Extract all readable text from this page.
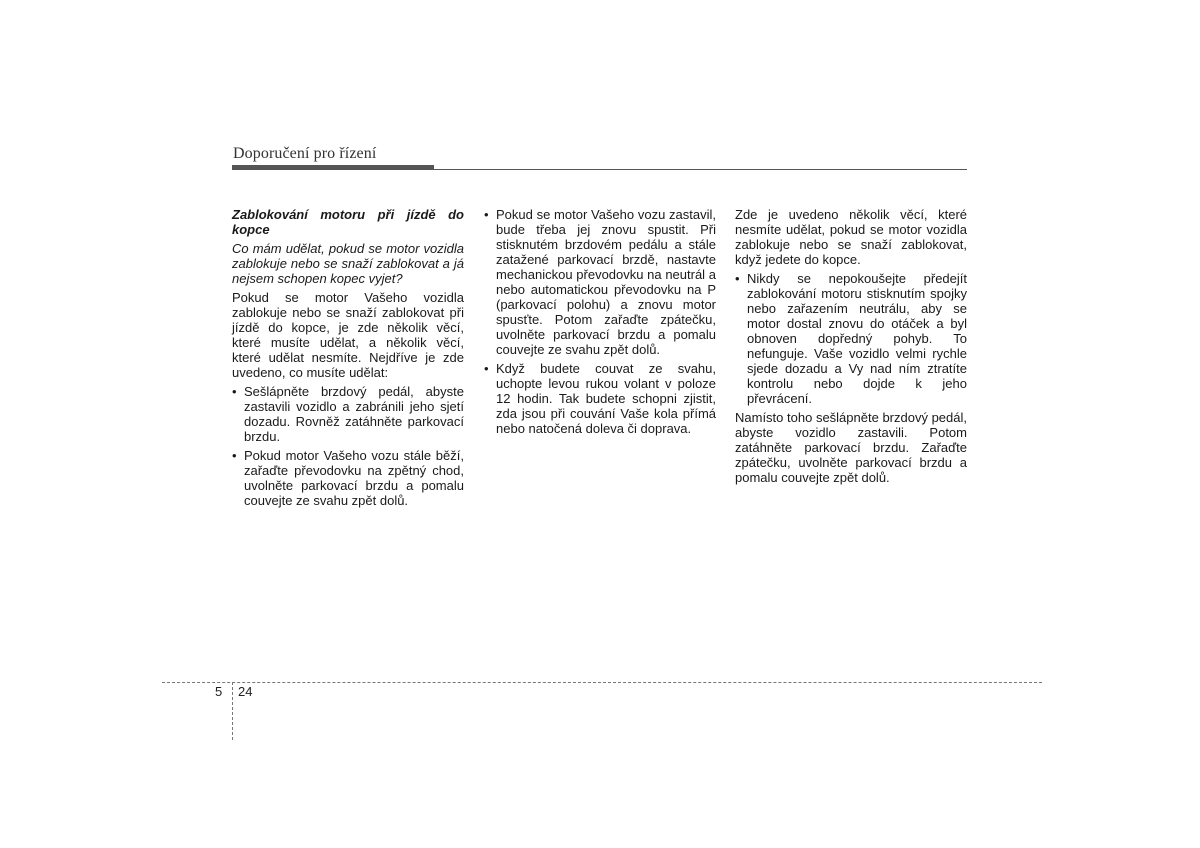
Doporučení pro řízení

Zablokování motoru při jízdě do kopce

Co mám udělat, pokud se motor vozidla zablokuje nebo se snaží zablokovat a já nejsem schopen kopec vyjet?

Pokud se motor Vašeho vozidla zablokuje nebo se snaží zablokovat při jízdě do kopce, je zde několik věcí, které musíte udělat, a několik věcí, které udělat nesmíte. Nejdříve je zde uvedeno, co musíte udělat:

• Sešlápněte brzdový pedál, abyste zastavili vozidlo a zabránili jeho sjetí dozadu. Rovněž zatáhněte parkovací brzdu.
• Pokud motor Vašeho vozu stále běží, zařaďte převodovku na zpětný chod, uvolněte parkovací brzdu a pomalu couvejte ze svahu zpět dolů.
• Pokud se motor Vašeho vozu zastavil, bude třeba jej znovu spustit. Při stisknutém brzdovém pedálu a stále zatažené parkovací brzdě, nastavte mechanickou převodovku na neutrál a nebo automatickou převodovku na P (parkovací polohu) a znovu motor spusťte. Potom zařaďte zpátečku, uvolněte parkovací brzdu a pomalu couvejte ze svahu zpět dolů.
• Když budete couvat ze svahu, uchopte levou rukou volant v poloze 12 hodin. Tak budete schopni zjistit, zda jsou při couvání Vaše kola přímá nebo natočená doleva či doprava.

Zde je uvedeno několik věcí, které nesmíte udělat, pokud se motor vozidla zablokuje nebo se snaží zablokovat, když jedete do kopce.

• Nikdy se nepokoušejte předejít zablokování motoru stisknutím spojky nebo zařazením neutrálu, aby se motor dostal znovu do otáček a byl obnoven dopředný pohyb. To nefunguje. Vaše vozidlo velmi rychle sjede dozadu a Vy nad ním ztratíte kontrolu nebo dojde k jeho převrácení.

Namísto toho sešlápněte brzdový pedál, abyste vozidlo zastavili. Potom zatáhněte parkovací brzdu. Zařaďte zpátečku, uvolněte parkovací brzdu a pomalu couvejte zpět dolů.

5 24
